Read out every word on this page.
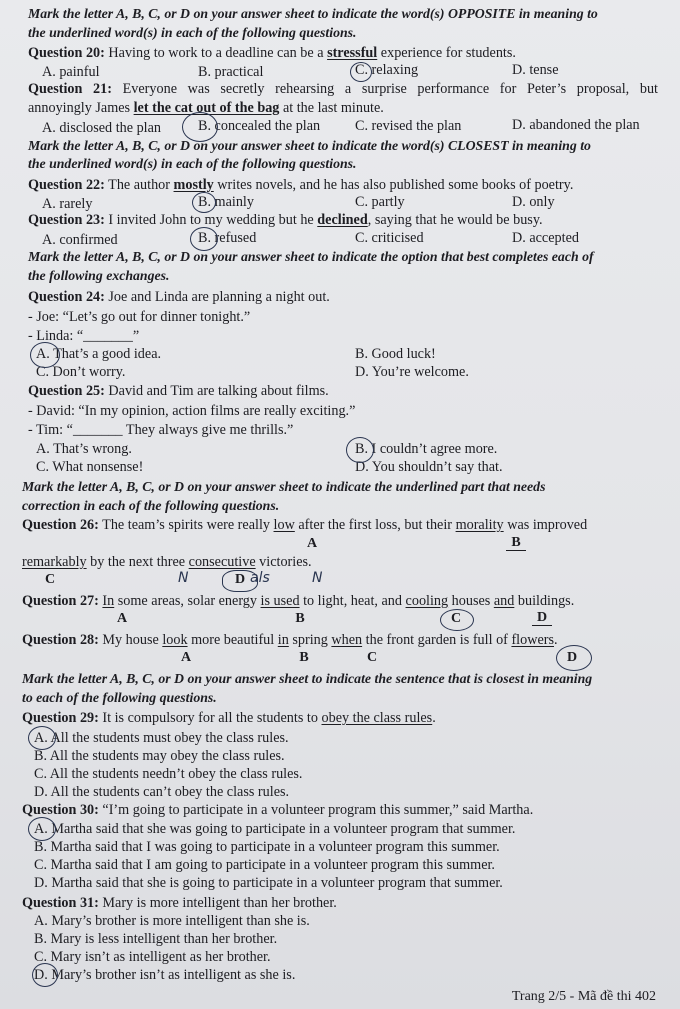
Mark the letter A, B, C, or D on your answer sheet to indicate the word(s) OPPOSITE in meaning to
the underlined word(s) in each of the following questions.
Question 20: Having to work to a deadline can be a stressful experience for students.
A. painful	B. practical	C. relaxing	D. tense
Question 21: Everyone was secretly rehearsing a surprise performance for Peter’s proposal, but
annoyingly James let the cat out of the bag at the last minute.
A. disclosed the plan	B. concealed the plan C. revised the plan	D. abandoned the plan
Mark the letter A, B, C, or D on your answer sheet to indicate the word(s) CLOSEST in meaning to
the underlined word(s) in each of the following questions.
Question 22: The author mostly writes novels, and he has also published some books of poetry.
A. rarely	B. mainly	C. partly	D. only
Question 23: I invited John to my wedding but he declined, saying that he would be busy.
A. confirmed	B. refused	C. criticised	D. accepted
Mark the letter A, B, C, or D on your answer sheet to indicate the option that best completes each of
the following exchanges.
Question 24: Joe and Linda are planning a night out.
- Joe: “Let’s go out for dinner tonight.”
- Linda: “_______”
A. That’s a good idea.	B. Good luck!
C. Don’t worry.	D. You’re welcome.
Question 25: David and Tim are talking about films.
- David: “In my opinion, action films are really exciting.”
- Tim: “_______ They always give me thrills.”
A. That’s wrong.	B. I couldn’t agree more.
C. What nonsense!	D. You shouldn’t say that.
Mark the letter A, B, C, or D on your answer sheet to indicate the underlined part that needs
correction in each of the following questions.
Question 26: The team’s spirits were really low after the first loss, but their morality was improved
A	B
remarkably by the next three consecutive victories.
C	D
N	als	N
Question 27: In some areas, solar energy is used to light, heat, and cooling houses and buildings.
A	B	C	D
Question 28: My house look more beautiful in spring when the front garden is full of flowers.
A	B	C	D
Mark the letter A, B, C, or D on your answer sheet to indicate the sentence that is closest in meaning
to each of the following questions.
Question 29: It is compulsory for all the students to obey the class rules.
A. All the students must obey the class rules.
B. All the students may obey the class rules.
C. All the students needn’t obey the class rules.
D. All the students can’t obey the class rules.
Question 30: “I’m going to participate in a volunteer program this summer,” said Martha.
A. Martha said that she was going to participate in a volunteer program that summer.
B. Martha said that I was going to participate in a volunteer program this summer.
C. Martha said that I am going to participate in a volunteer program this summer.
D. Martha said that she is going to participate in a volunteer program that summer.
Question 31: Mary is more intelligent than her brother.
A. Mary’s brother is more intelligent than she is.
B. Mary is less intelligent than her brother.
C. Mary isn’t as intelligent as her brother.
D. Mary’s brother isn’t as intelligent as she is.
Trang 2/5 - Mã đề thi 402
